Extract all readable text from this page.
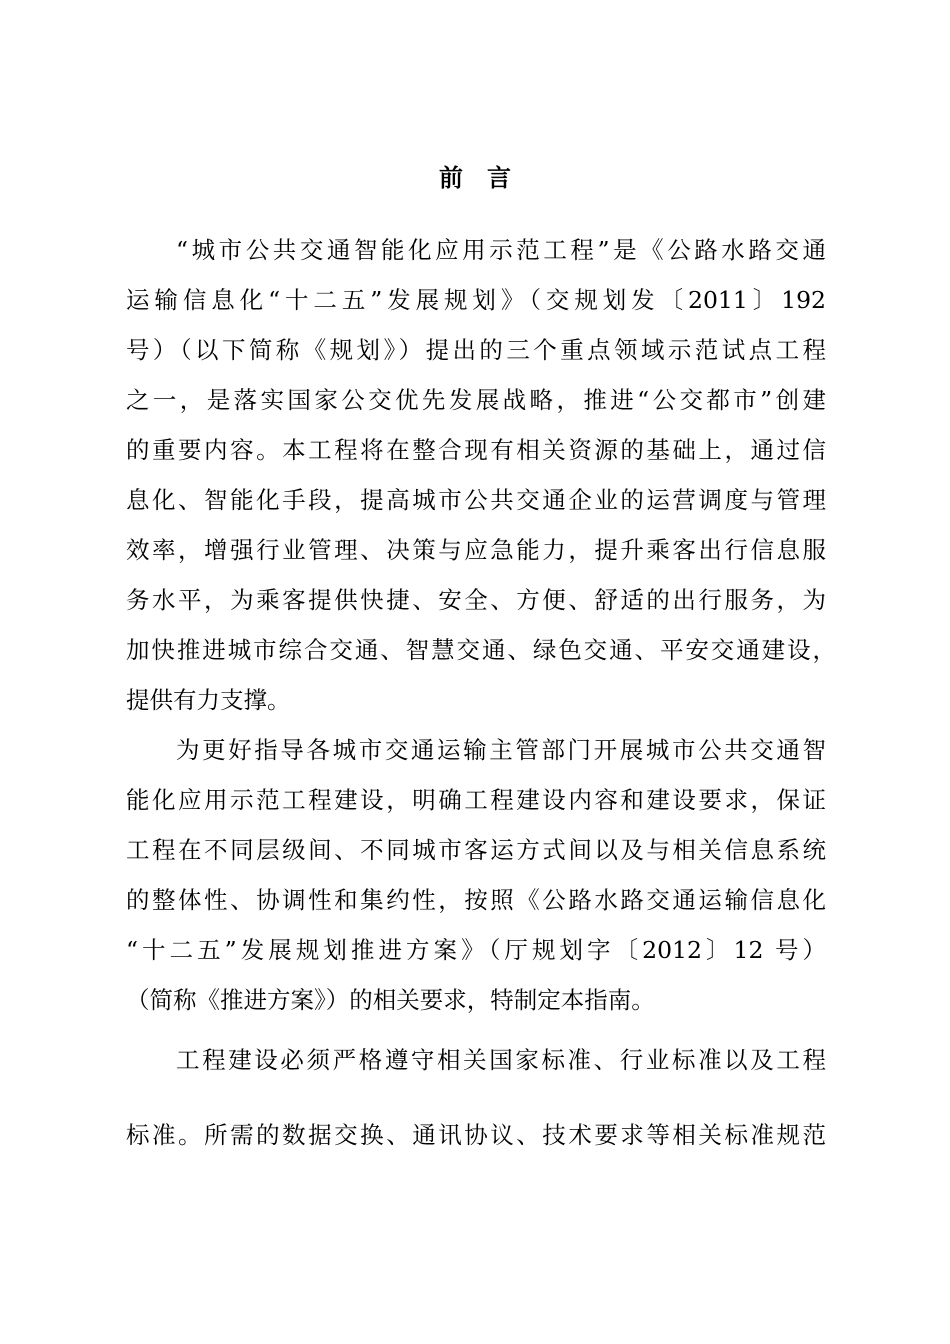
前言

“城市公共交通智能化应用示范工程”是《公路水路交通

运输信息化“十二五”发展规划》（交规划发〔2011〕192

号）（以下简称《规划》）提出的三个重点领域示范试点工程

之一，是落实国家公交优先发展战略，推进“公交都市”创建

的重要内容。本工程将在整合现有相关资源的基础上，通过信

息化、智能化手段，提高城市公共交通企业的运营调度与管理

效率，增强行业管理、决策与应急能力，提升乘客出行信息服

务水平，为乘客提供快捷、安全、方便、舒适的出行服务，为

加快推进城市综合交通、智慧交通、绿色交通、平安交通建设，

提供有力支撑。

为更好指导各城市交通运输主管部门开展城市公共交通智

能化应用示范工程建设，明确工程建设内容和建设要求，保证

工程在不同层级间、不同城市客运方式间以及与相关信息系统

的整体性、协调性和集约性，按照《公路水路交通运输信息化

“十二五”发展规划推进方案》（厅规划字〔2012〕12 号）

（简称《推进方案》）的相关要求，特制定本指南。

工程建设必须严格遵守相关国家标准、行业标准以及工程

标准。所需的数据交换、通讯协议、技术要求等相关标准规范
